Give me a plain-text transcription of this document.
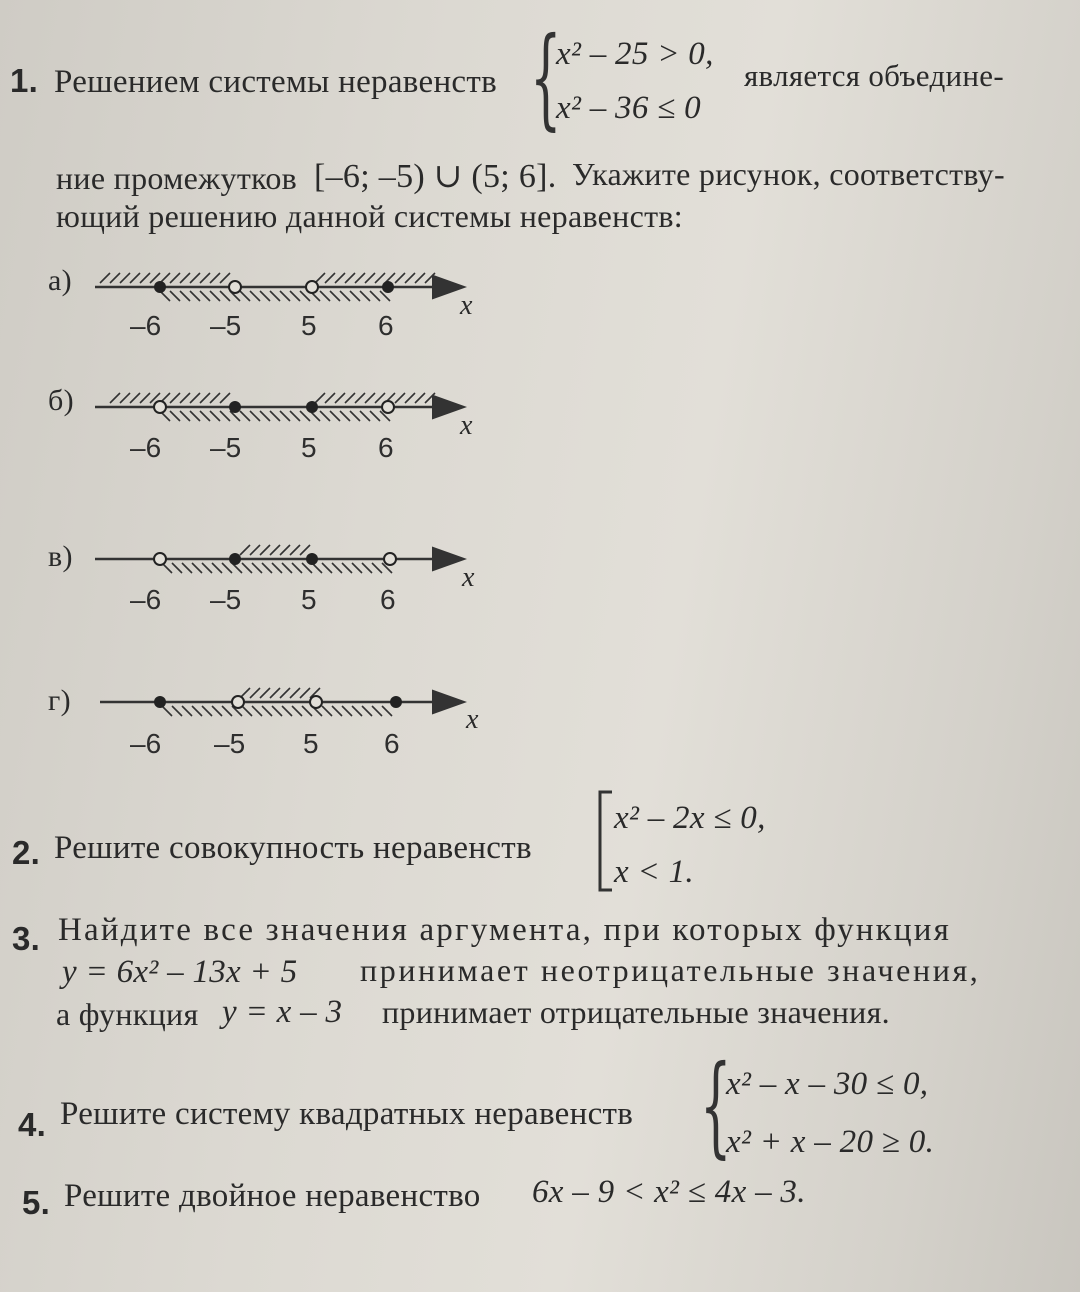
1. Решением системы неравенств {
x² – 25 > 0,
x² – 36 ≤ 0
является объедине-
ние промежутков [–6; –5) ∪ (5; 6]. Укажите рисунок, соответству-
ющий решению данной системы неравенств:
а)
x
–6 –5 5 6
б)
x
–6 –5 5 6
в)
x
–6 –5 5 6
г)
x
–6 –5 5 6
2. Решите совокупность неравенств
x² – 2x ≤ 0,
x < 1.
3. Найдите все значения аргумента, при которых функция
y = 6x² – 13x + 5 принимает неотрицательные значения,
а функция y = x – 3 принимает отрицательные значения.
4. Решите систему квадратных неравенств {
x² – x – 30 ≤ 0,
x² + x – 20 ≥ 0.
5. Решите двойное неравенство 6x – 9 < x² ≤ 4x – 3.
